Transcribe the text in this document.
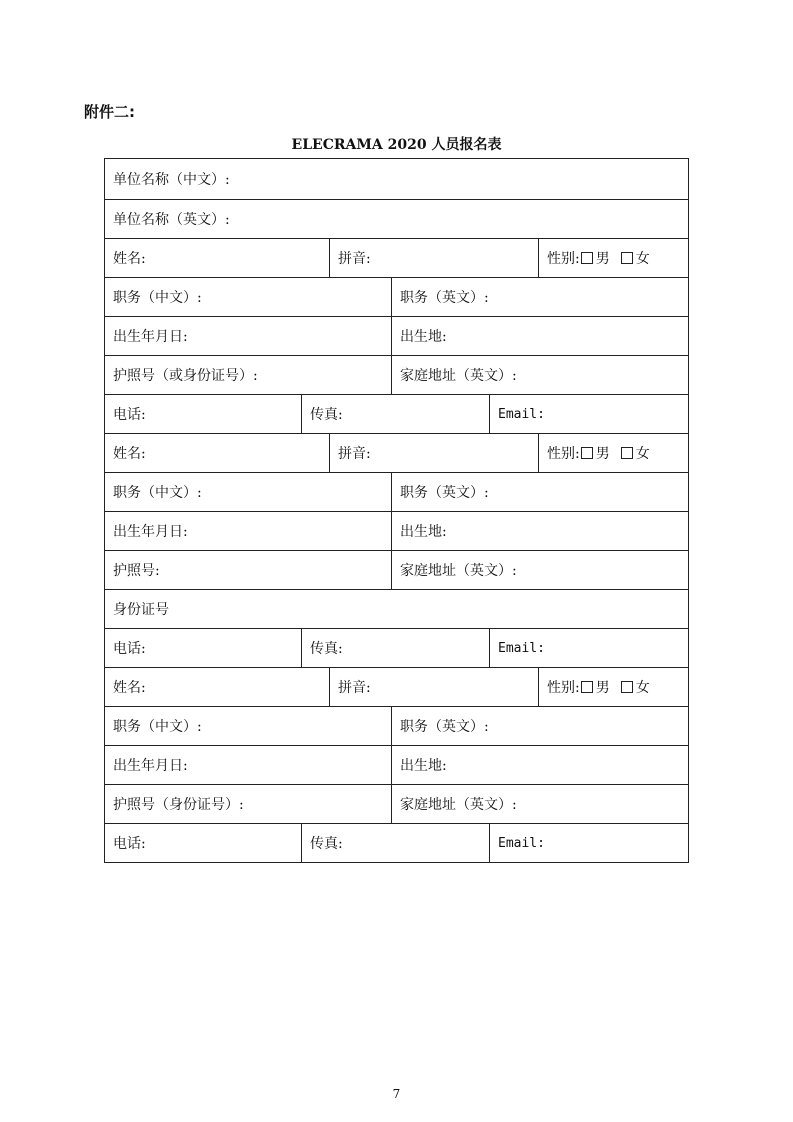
附件二:

ELECRAMA 2020 人员报名表
单位名称（中文）:
单位名称（英文）:
姓名:	拼音:	性别: 男 女
职务（中文）:	职务（英文）:
出生年月日:	出生地:
护照号（或身份证号）:	家庭地址（英文）:
电话:	传真:	Email:
姓名:	拼音:	性别: 男 女
职务（中文）:	职务（英文）:
出生年月日:	出生地:
护照号:	家庭地址（英文）:
身份证号
电话:	传真:	Email:
姓名:	拼音:	性别: 男 女
职务（中文）:	职务（英文）:
出生年月日:	出生地:
护照号（身份证号）:	家庭地址（英文）:
电话:	传真:	Email:
7
